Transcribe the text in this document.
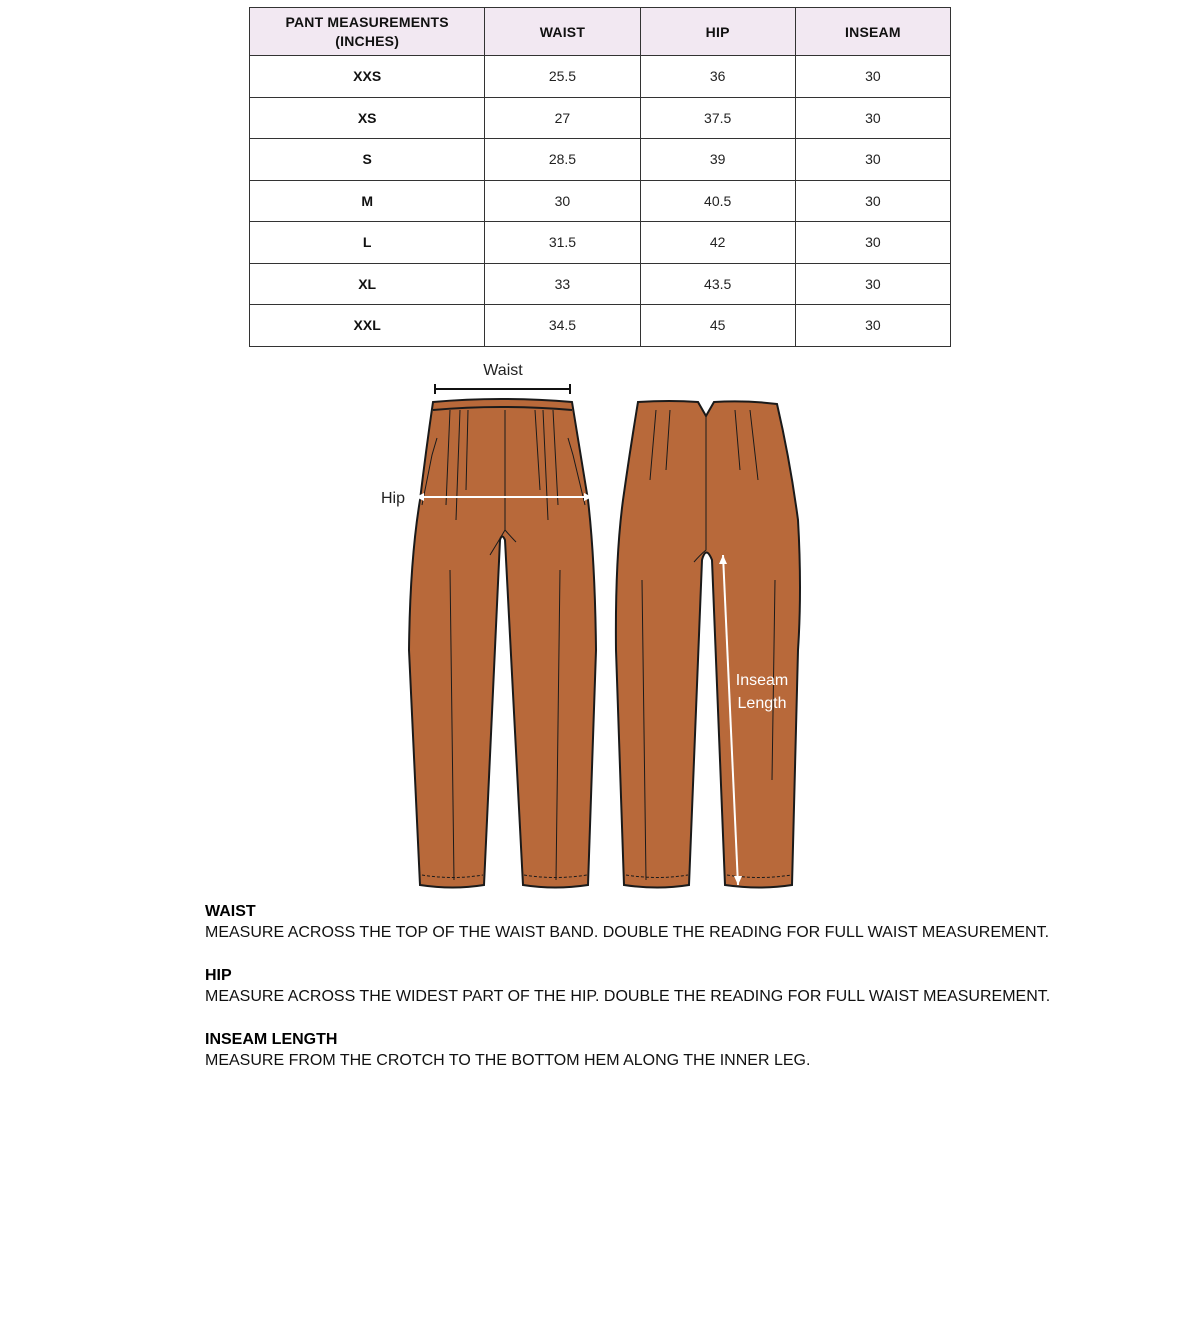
PANT MEASUREMENTS
(INCHES)	WAIST	HIP	INSEAM
XXS	25.5	36	30
XS	27	37.5	30
S	28.5	39	30
M	30	40.5	30
L	31.5	42	30
XL	33	43.5	30
XXL	34.5	45	30
Waist
Hip
Inseam
Length
WAIST
MEASURE ACROSS THE TOP OF THE WAIST BAND. DOUBLE THE READING FOR FULL WAIST MEASUREMENT.
HIP
MEASURE ACROSS THE WIDEST PART OF THE HIP. DOUBLE THE READING FOR FULL WAIST MEASUREMENT.
INSEAM LENGTH
MEASURE FROM THE CROTCH TO THE BOTTOM HEM ALONG THE INNER LEG.
